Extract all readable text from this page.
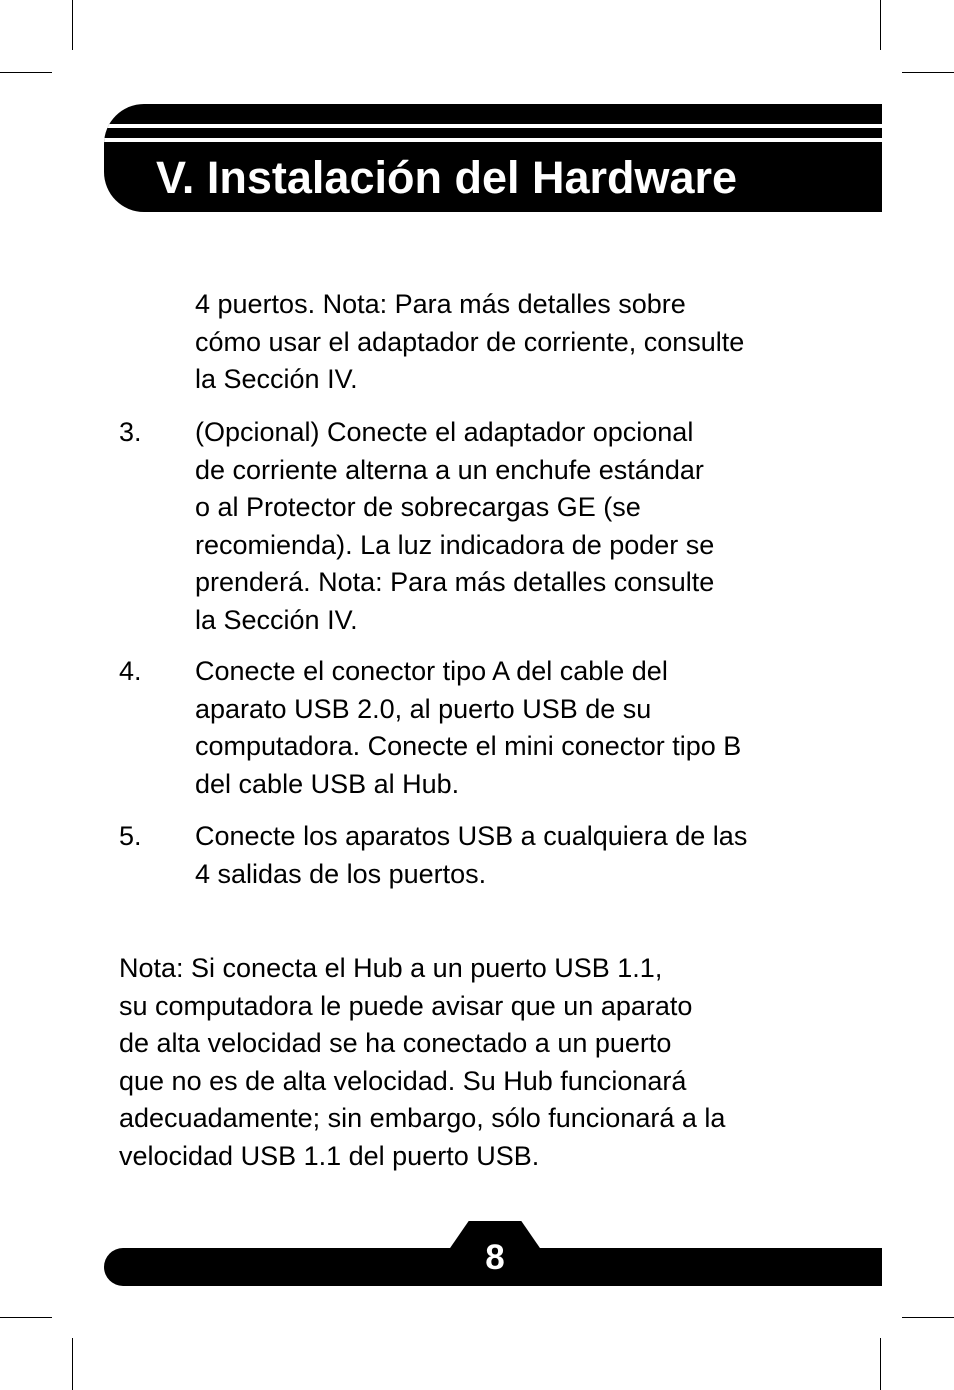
V. Instalación del Hardware
4 puertos. Nota: Para más detalles sobre
cómo usar el adaptador de corriente, consulte
la Sección IV.
3. (Opcional) Conecte el adaptador opcional
de corriente alterna a un enchufe estándar
o al Protector de sobrecargas GE (se
recomienda). La luz indicadora de poder se
prenderá. Nota: Para más detalles consulte
la Sección IV.
4. Conecte el conector tipo A del cable del
aparato USB 2.0, al puerto USB de su
computadora. Conecte el mini conector tipo B
del cable USB al Hub.
5. Conecte los aparatos USB a cualquiera de las
4 salidas de los puertos.
Nota: Si conecta el Hub a un puerto USB 1.1,
su computadora le puede avisar que un aparato
de alta velocidad se ha conectado a un puerto
que no es de alta velocidad. Su Hub funcionará
adecuadamente; sin embargo, sólo funcionará a la
velocidad USB 1.1 del puerto USB.
8
